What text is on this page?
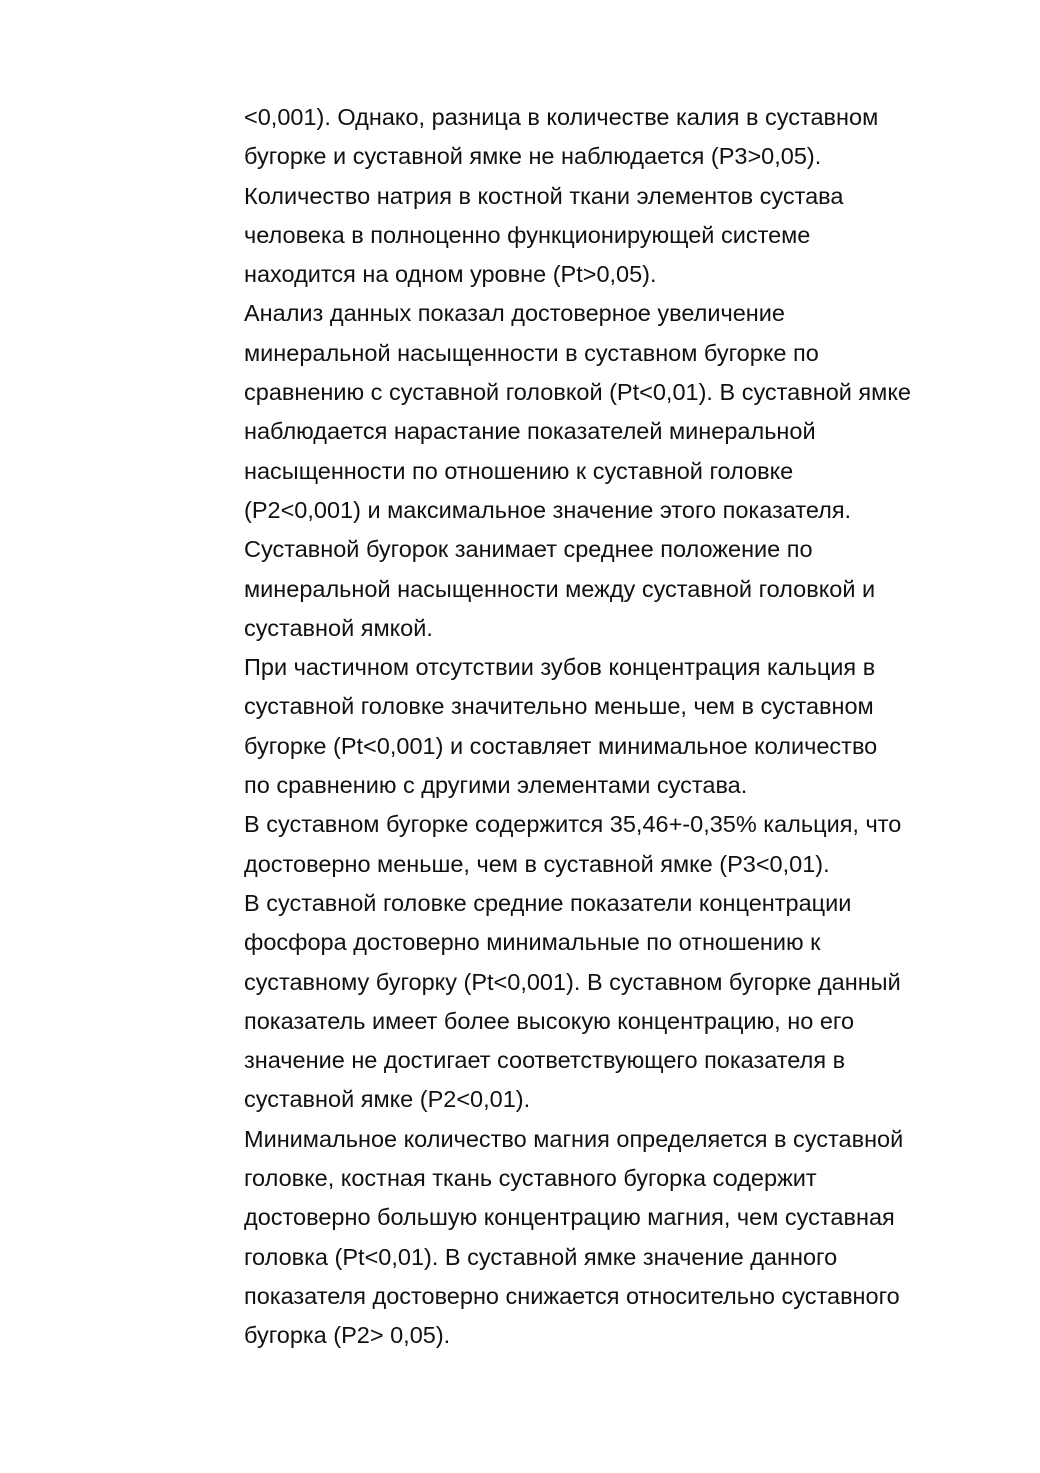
<0,001). Однако, разница в количестве калия в суставном
бугорке и суставной ямке не наблюдается (P3>0,05).
Количество натрия в костной ткани элементов сустава
человека в полноценно функционирующей системе
находится на одном уровне (Pt>0,05).
Анализ данных показал достоверное увеличение
минеральной насыщенности в суставном бугорке по
сравнению с суставной головкой (Pt<0,01). В суставной ямке
наблюдается нарастание показателей минеральной
насыщенности по отношению к суставной головке
(P2<0,001) и максимальное значение этого показателя.
Суставной бугорок занимает среднее положение по
минеральной насыщенности между суставной головкой и
суставной ямкой.
При частичном отсутствии зубов концентрация кальция в
суставной головке значительно меньше, чем в суставном
бугорке (Pt<0,001) и составляет минимальное количество
по сравнению с другими элементами сустава.
В суставном бугорке содержится 35,46+-0,35% кальция, что
достоверно меньше, чем в суставной ямке (P3<0,01).
В суставной головке средние показатели концентрации
фосфора достоверно минимальные по отношению к
суставному бугорку (Pt<0,001). В суставном бугорке данный
показатель имеет более высокую концентрацию, но его
значение не достигает соответствующего показателя в
суставной ямке (P2<0,01).
Минимальное количество магния определяется в суставной
головке, костная ткань суставного бугорка содержит
достоверно большую концентрацию магния, чем суставная
головка (Pt<0,01). В суставной ямке значение данного
показателя достоверно снижается относительно суставного
бугорка (P2> 0,05).
